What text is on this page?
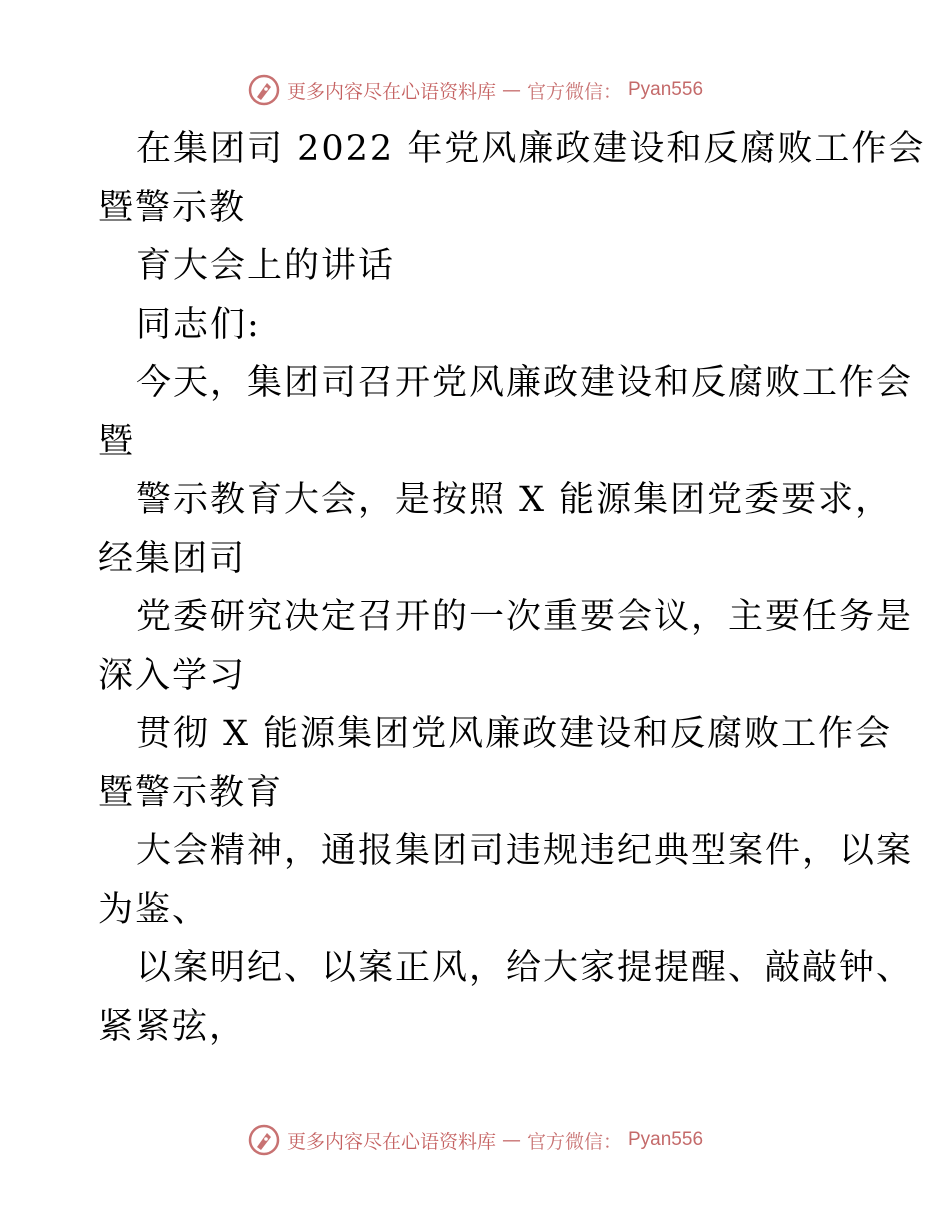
更多内容尽在心语资料库 — 官方微信： Pyan556

在集团司 2022 年党风廉政建设和反腐败工作会

暨警示教

育大会上的讲话

同志们:

今天，集团司召开党风廉政建设和反腐败工作会

暨

警示教育大会，是按照 X 能源集团党委要求，

经集团司

党委研究决定召开的一次重要会议，主要任务是

深入学习

贯彻 X 能源集团党风廉政建设和反腐败工作会

暨警示教育

大会精神，通报集团司违规违纪典型案件，以案

为鉴、

以案明纪、以案正风，给大家提提醒、敲敲钟、

紧紧弦，

更多内容尽在心语资料库 — 官方微信： Pyan556
